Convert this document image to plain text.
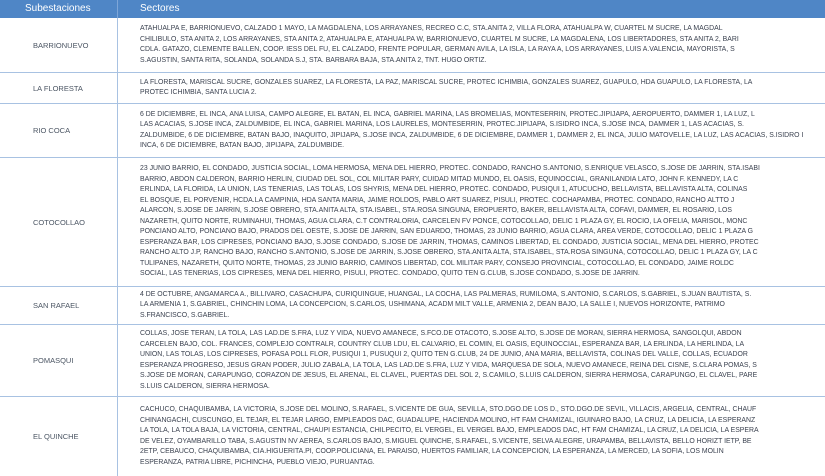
Subestaciones	Sectores
BARRIONUEVO
ATAHUALPA E, BARRIONUEVO, CALZADO 1 MAYO, LA MAGDALENA, LOS ARRAYANES, RECREO C.C, STA.ANITA 2, VILLA FLORA, ATAHUALPA W, CUARTEL M SUCRE, LA MAGDAL
CHILIBULO, STA ANITA 2, LOS ARRAYANES, STA ANITA 2, ATAHUALPA E, ATAHUALPA W, BARRIONUEVO, CUARTEL M SUCRE, LA MAGDALENA, LOS LIBERTADORES, STA ANITA 2, BARI
CDLA. GATAZO, CLEMENTE BALLEN, COOP. IESS DEL FU, EL CALZADO, FRENTE POPULAR, GERMAN AVILA, LA ISLA, LA RAYA A, LOS ARRAYANES, LUIS A.VALENCIA, MAYORISTA, S
S.AGUSTIN, SANTA RITA, SOLANDA, SOLANDA S.J, STA. BARBARA BAJA, STA.ANITA 2, TNT. HUGO ORTIZ.
LA FLORESTA
LA FLORESTA, MARISCAL SUCRE, GONZALES SUAREZ, LA FLORESTA, LA PAZ, MARISCAL SUCRE, PROTEC ICHIMBIA, GONZALES SUAREZ, GUAPULO, HDA GUAPULO, LA FLORESTA, LA
PROTEC ICHIMBIA, SANTA LUCIA 2.
RIO COCA
6 DE DICIEMBRE, EL INCA, ANA LUISA, CAMPO ALEGRE, EL BATAN, EL INCA, GABRIEL MARINA, LAS BROMELIAS, MONTESERRIN, PROTEC.JIPIJAPA, AEROPUERTO, DAMMER 1, LA LUZ, L
LAS ACACIAS, S.JOSE INCA, ZALDUMBIDE, EL INCA, GABRIEL MARINA, LOS LAURELES, MONTESERRIN, PROTEC.JIPIJAPA, S.ISIDRO INCA, S.JOSE INCA, DAMMER 1, LAS ACACIAS, S.
ZALDUMBIDE, 6 DE DICIEMBRE, BATAN BAJO, INAQUITO, JIPIJAPA, S.JOSE INCA, ZALDUMBIDE, 6 DE DICIEMBRE, DAMMER 1, DAMMER 2, EL INCA, JULIO MATOVELLE, LA LUZ, LAS ACACIAS, S.ISIDRO I
INCA, 6 DE DICIEMBRE, BATAN BAJO, JIPIJAPA, ZALDUMBIDE.
COTOCOLLAO
23 JUNIO BARRIO, EL CONDADO, JUSTICIA SOCIAL, LOMA HERMOSA, MENA DEL HIERRO, PROTEC. CONDADO, RANCHO S.ANTONIO, S.ENRIQUE VELASCO, S.JOSE DE JARRIN, STA.ISABI
BARRIO, ABDON CALDERON, BARRIO HERLIN, CIUDAD DEL SOL, COL MILITAR PARY, CUIDAD MITAD MUNDO, EL OASIS, EQUINOCCIAL, GRANILANDIA LATO, JOHN F. KENNEDY, LA C
ERLINDA, LA FLORIDA, LA UNION, LAS TENERIAS, LAS TOLAS, LOS SHYRIS, MENA DEL HIERRO, PROTEC. CONDADO, PUSIQUI 1, ATUCUCHO, BELLAVISTA, BELLAVISTA ALTA, COLINAS
EL BOSQUE, EL PORVENIR, HCDA.LA CAMPINIA, HDA SANTA MARIA, JAIME ROLDOS, PABLO ART SUAREZ, PISULI, PROTEC. COCHAPAMBA, PROTEC. CONDADO, RANCHO ALTTO J
ALARCON, S.JOSE DE JARRIN, S.JOSE OBRERO, STA.ANITA ALTA, STA.ISABEL, STA.ROSA SINGUNA, EROPUERTO, BAKER, BELLAVISTA ALTA, COFAVI, DAMMER, EL ROSARIO, LOS
NAZARETH, QUITO NORTE, RUMINAHUI, THOMAS, AGUA CLARA, C.T CONTRALORIA, CARCELEN FV PONCE, COTOCOLLAO, DELIC 1 PLAZA GY, EL ROCIO, LA OFELIA, MARISOL, MONC
PONCIANO ALTO, PONCIANO BAJO, PRADOS DEL OESTE, S.JOSE DE JARRIN, SAN EDUARDO, THOMAS, 23 JUNIO BARRIO, AGUA CLARA, AREA VERDE, COTOCOLLAO, DELIC 1 PLAZA G
ESPERANZA BAR, LOS CIPRESES, PONCIANO BAJO, S.JOSE CONDADO, S.JOSE DE JARRIN, THOMAS, CAMINOS LIBERTAD, EL CONDADO, JUSTICIA SOCIAL, MENA DEL HIERRO, PROTEC
RANCHO ALTO J.P, RANCHO BAJO, RANCHO S.ANTONIO, S.JOSE DE JARRIN, S.JOSE OBRERO, STA.ANITA ALTA, STA.ISABEL, STA.ROSA SINGUNA, COTOCOLLAO, DELIC 1 PLAZA GY, LA C
TULIPANES, NAZARETH, QUITO NORTE, THOMAS, 23 JUNIO BARRIO, CAMINOS LIBERTAD, COL MILITAR PARY, CONSEJO PROVINCIAL, COTOCOLLAO, EL CONDADO, JAIME ROLDC
SOCIAL, LAS TENERIAS, LOS CIPRESES, MENA DEL HIERRO, PISULI, PROTEC. CONDADO, QUITO TEN G.CLUB, S.JOSE CONDADO, S.JOSE DE JARRIN.
SAN RAFAEL
4 DE OCTUBRE, ANGAMARCA A., BILLIVARO, CASACHUPA, CURIQUINGUE, HUANGAL, LA COCHA, LAS PALMERAS, RUMILOMA, S.ANTONIO, S.CARLOS, S.GABRIEL, S.JUAN BAUTISTA, S.
LA ARMENIA 1, S.GABRIEL, CHINCHIN LOMA, LA CONCEPCION, S.CARLOS, USHIMANA, ACADM MILT VALLE, ARMENIA 2, DEAN BAJO, LA SALLE I, NUEVOS HORIZONTE, PATRIMO
S.FRANCISCO, S.GABRIEL.
POMASQUI
COLLAS, JOSE TERAN, LA TOLA, LAS LAD.DE S.FRA, LUZ Y VIDA, NUEVO AMANECE, S.FCO.DE OTACOTO, S.JOSE ALTO, S.JOSE DE MORAN, SIERRA HERMOSA, SANGOLQUI, ABDON
CARCELEN BAJO, COL. FRANCES, COMPLEJO CONTRALR, COUNTRY CLUB LDU, EL CALVARIO, EL COMIN, EL OASIS, EQUINOCCIAL, ESPERANZA BAR, LA ERLINDA, LA HERLINDA, LA
UNION, LAS TOLAS, LOS CIPRESES, POFASA POLL FLOR, PUSIQUI 1, PUSUQUI 2, QUITO TEN G.CLUB, 24 DE JUNIO, ANA MARIA, BELLAVISTA, COLINAS DEL VALLE, COLLAS, ECUADOR
ESPERANZA PROGRESO, JESUS GRAN PODER, JULIO ZABALA, LA TOLA, LAS LAD.DE S.FRA, LUZ Y VIDA, MARQUESA DE SOLA, NUEVO AMANECE, REINA DEL CISNE, S.CLARA POMAS, S
S.JOSE DE MORAN, CARAPUNGO, CORAZON DE JESUS, EL ARENAL, EL CLAVEL, PUERTAS DEL SOL 2, S.CAMILO, S.LUIS CALDERON, SIERRA HERMOSA, CARAPUNGO, EL CLAVEL, PARE
S.LUIS CALDERON, SIERRA HERMOSA.
EL QUINCHE
CACHUCO, CHAQUIBAMBA, LA VICTORIA, S.JOSE DEL MOLINO, S.RAFAEL, S.VICENTE DE GUA, SEVILLA, STO.DGO.DE LOS D., STO.DGO.DE SEVIL, VILLACIS, ARGELIA, CENTRAL, CHAUF
CHINANGACHI, CUSCUNGO, EL TEJAR, EL TEJAR LARGO, EMPLEADOS DAC, GUADALUPE, HACIENDA MOLINO, HT FAM CHAMIZAL, IGUINARO BAJO, LA CRUZ, LA DELICIA, LA ESPERANZ
LA TOLA, LA TOLA BAJA, LA VICTORIA, CENTRAL, CHAUPI ESTANCIA, CHILPECITO, EL VERGEL, EL VERGEL BAJO, EMPLEADOS DAC, HT FAM CHAMIZAL, LA CRUZ, LA DELICIA, LA ESPERA
DE VELEZ, OYAMBARILLO TABA, S.AGUSTIN NV AEREA, S.CARLOS BAJO, S.MIGUEL QUINCHE, S.RAFAEL, S.VICENTE, SELVA ALEGRE, URAPAMBA, BELLAVISTA, BELLO HORIZT IETP, BE
2ETP, CEBAUCO, CHAQUIBAMBA, CIA.HIGUERITA.PI, COOP.POLICIANA, EL PARAISO, HUERTOS FAMILIAR, LA CONCEPCION, LA ESPERANZA, LA MERCED, LA SOFIA, LOS MOLIN
ESPERANZA, PATRIA LIBRE, PICHINCHA, PUEBLO VIEJO, PURUANTAG.
